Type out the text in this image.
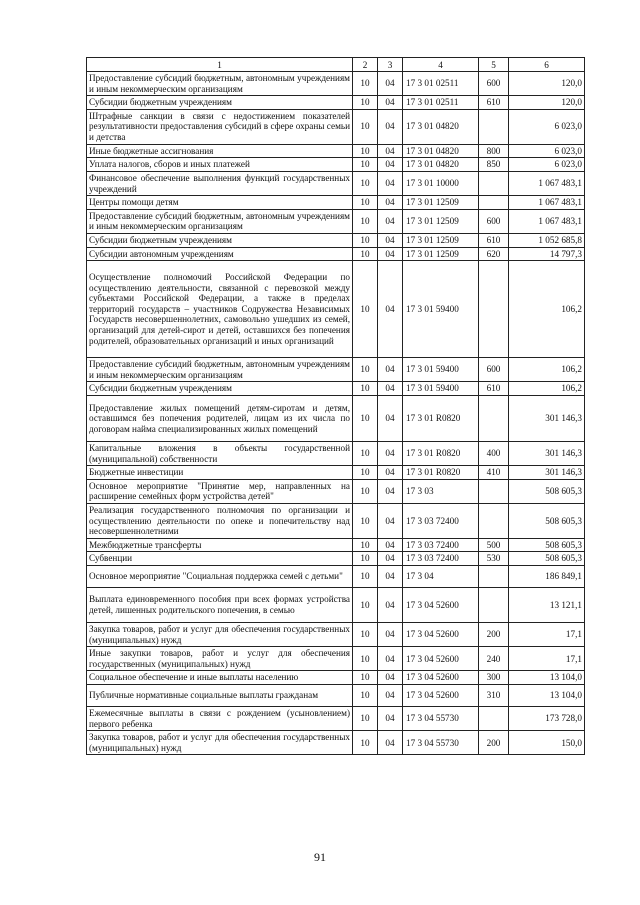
1	2	3	4	5	6
Предоставление субсидий бюджетным, автономным учреждениям и иным некоммерческим организациям	10	04	17 3 01 02511	600	120,0
Субсидии бюджетным учреждениям	10	04	17 3 01 02511	610	120,0
Штрафные санкции в связи с недостижением показателей результативности предоставления субсидий в сфере охраны семьи и детства	10	04	17 3 01 04820		6 023,0
Иные бюджетные ассигнования	10	04	17 3 01 04820	800	6 023,0
Уплата налогов, сборов и иных платежей	10	04	17 3 01 04820	850	6 023,0
Финансовое обеспечение выполнения функций государственных учреждений	10	04	17 3 01 10000		1 067 483,1
Центры помощи детям	10	04	17 3 01 12509		1 067 483,1
Предоставление субсидий бюджетным, автономным учреждениям и иным некоммерческим организациям	10	04	17 3 01 12509	600	1 067 483,1
Субсидии бюджетным учреждениям	10	04	17 3 01 12509	610	1 052 685,8
Субсидии автономным учреждениям	10	04	17 3 01 12509	620	14 797,3
Осуществление полномочий Российской Федерации по осуществлению деятельности, связанной с перевозкой между субъектами Российской Федерации, а также в пределах территорий государств – участников Содружества Независимых Государств несовершеннолетних, самовольно ушедших из семей, организаций для детей-сирот и детей, оставшихся без попечения родителей, образовательных организаций и иных организаций	10	04	17 3 01 59400		106,2
Предоставление субсидий бюджетным, автономным учреждениям и иным некоммерческим организациям	10	04	17 3 01 59400	600	106,2
Субсидии бюджетным учреждениям	10	04	17 3 01 59400	610	106,2
Предоставление жилых помещений детям-сиротам и детям, оставшимся без попечения родителей, лицам из их числа по договорам найма специализированных жилых помещений	10	04	17 3 01 R0820		301 146,3
Капитальные вложения в объекты государственной (муниципальной) собственности	10	04	17 3 01 R0820	400	301 146,3
Бюджетные инвестиции	10	04	17 3 01 R0820	410	301 146,3
Основное мероприятие "Принятие мер, направленных на расширение семейных форм устройства детей"	10	04	17 3 03		508 605,3
Реализация государственного полномочия по организации и осуществлению деятельности по опеке и попечительству над несовершеннолетними	10	04	17 3 03 72400		508 605,3
Межбюджетные трансферты	10	04	17 3 03 72400	500	508 605,3
Субвенции	10	04	17 3 03 72400	530	508 605,3
Основное мероприятие "Социальная поддержка семей с детьми"	10	04	17 3 04		186 849,1
Выплата единовременного пособия при всех формах устройства детей, лишенных родительского попечения, в семью	10	04	17 3 04 52600		13 121,1
Закупка товаров, работ и услуг для обеспечения государственных (муниципальных) нужд	10	04	17 3 04 52600	200	17,1
Иные закупки товаров, работ и услуг для обеспечения государственных (муниципальных) нужд	10	04	17 3 04 52600	240	17,1
Социальное обеспечение и иные выплаты населению	10	04	17 3 04 52600	300	13 104,0
Публичные нормативные социальные выплаты гражданам	10	04	17 3 04 52600	310	13 104,0
Ежемесячные выплаты в связи с рождением (усыновлением) первого ребенка	10	04	17 3 04 55730		173 728,0
Закупка товаров, работ и услуг для обеспечения государственных (муниципальных) нужд	10	04	17 3 04 55730	200	150,0
91
